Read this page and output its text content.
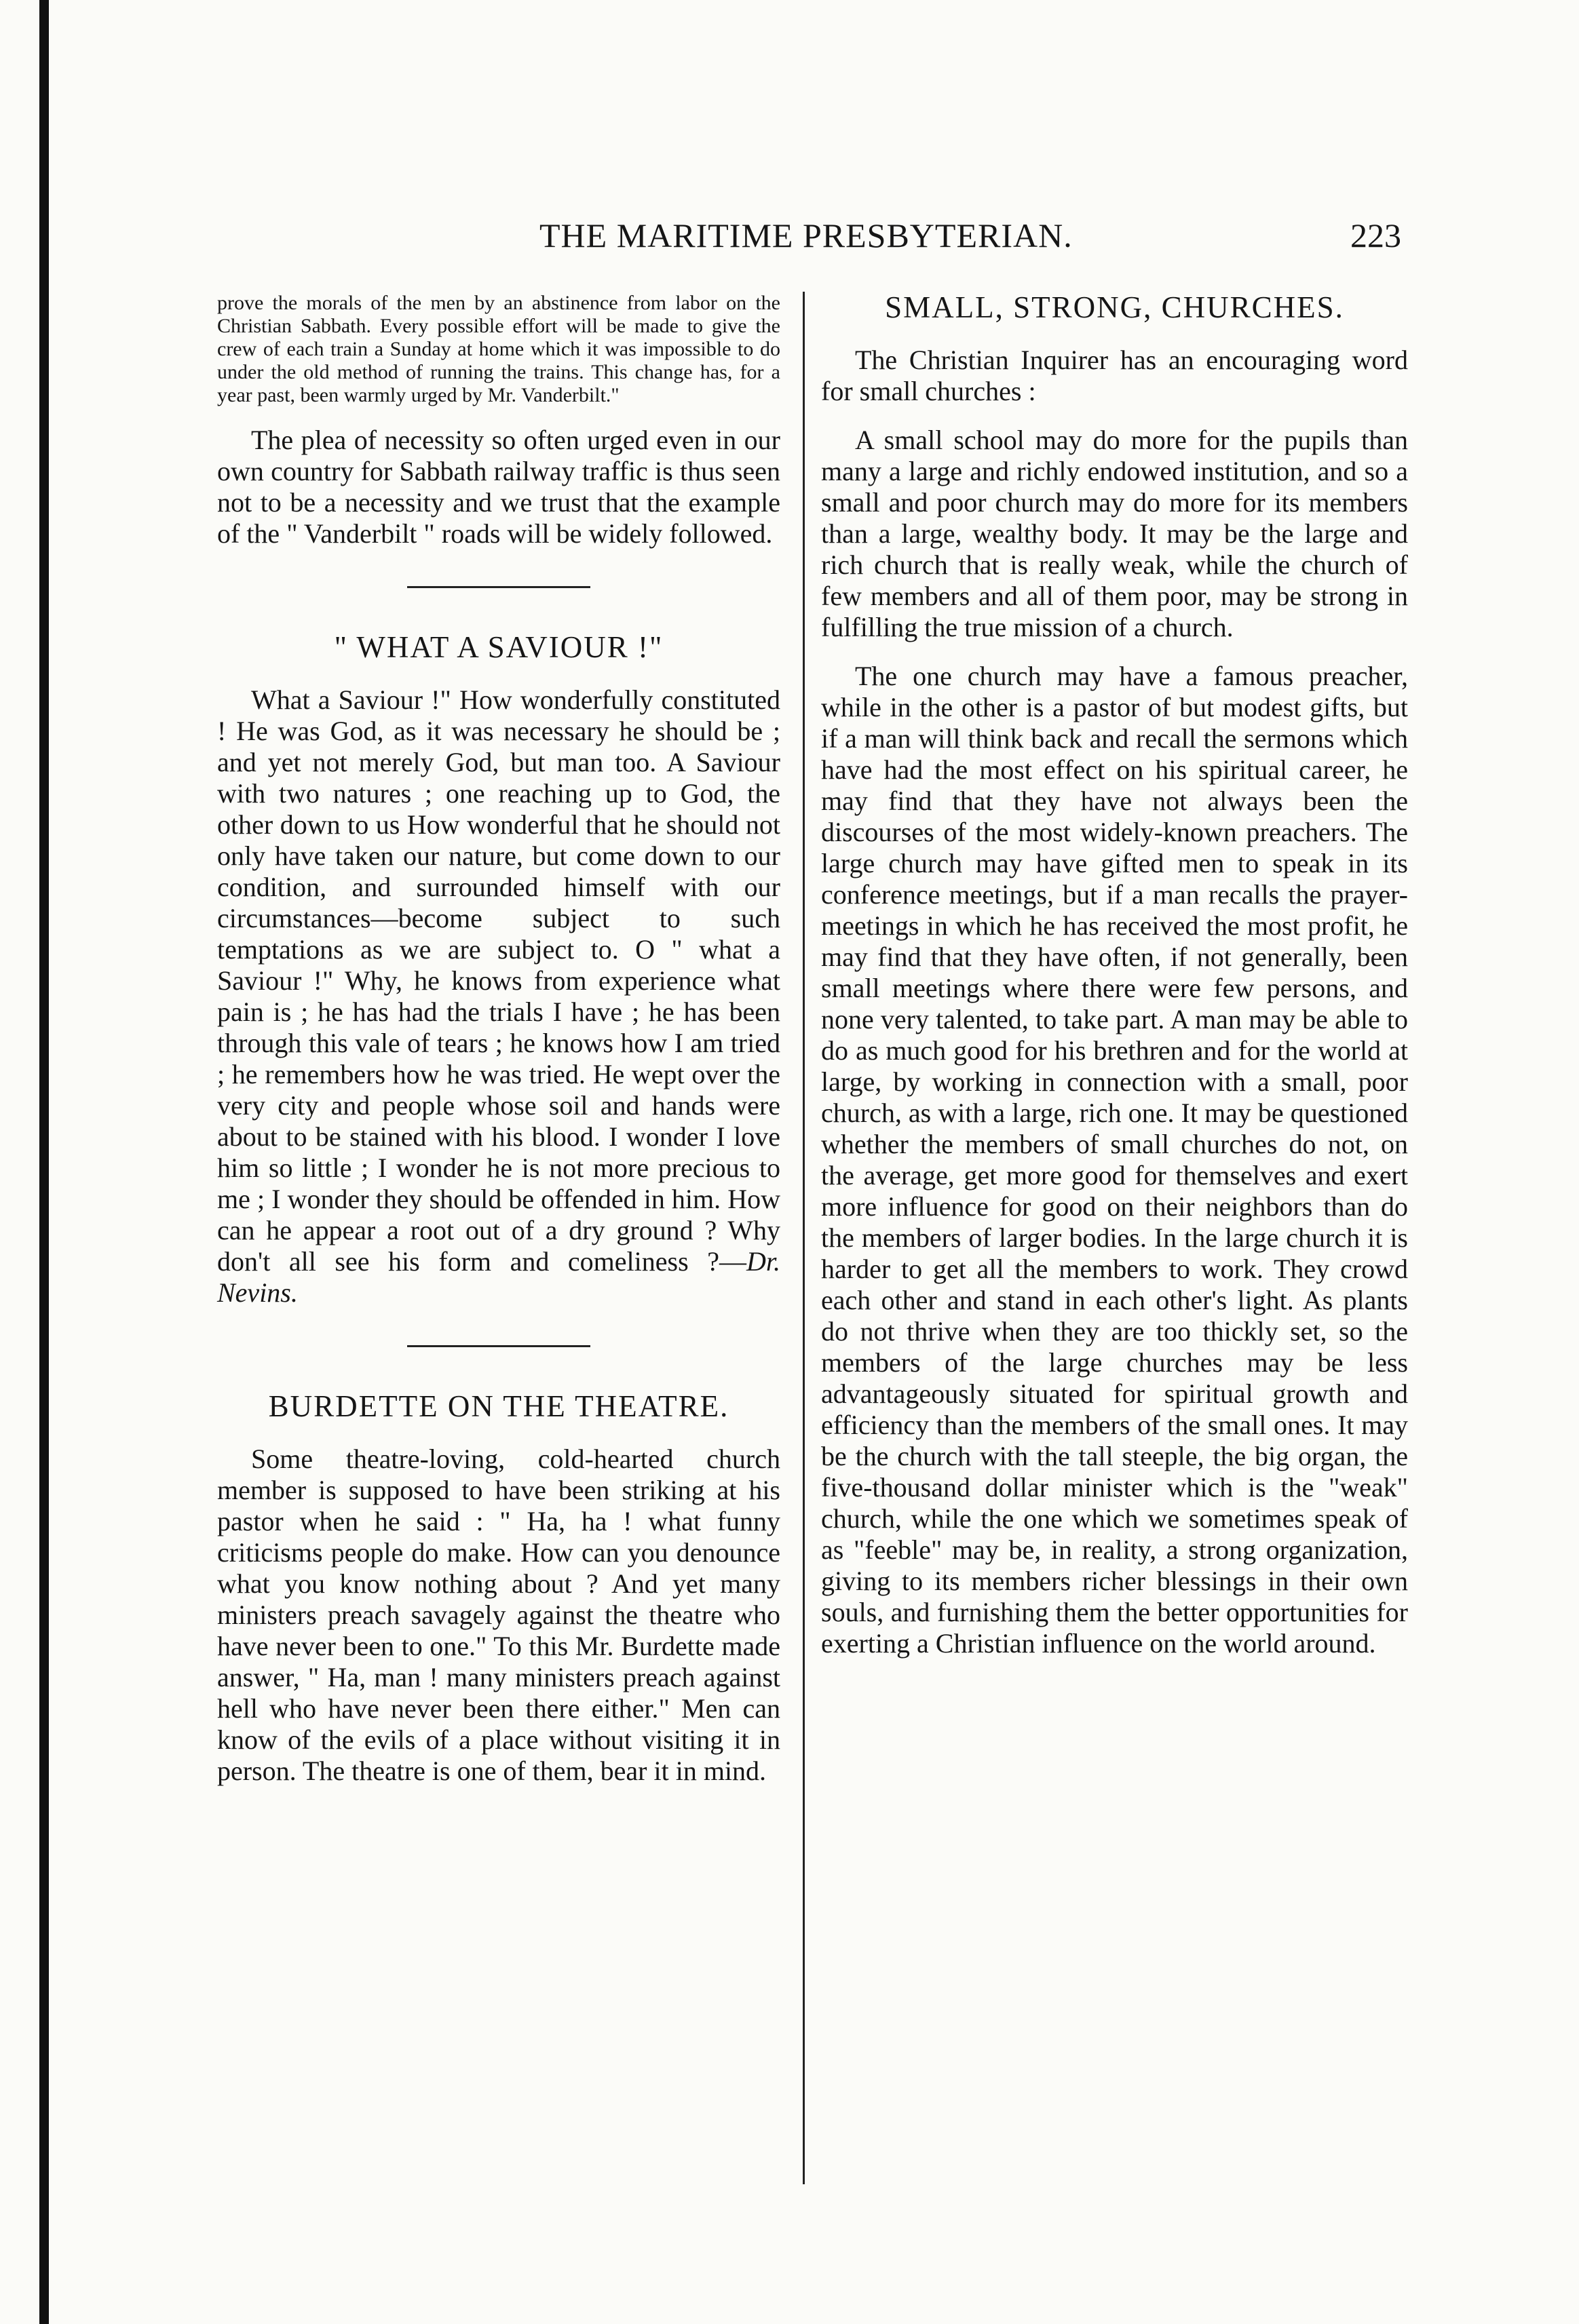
THE MARITIME PRESBYTERIAN.	223

prove the morals of the men by an abstinence from labor on the Christian Sabbath. Every possible effort will be made to give the crew of each train a Sunday at home which it was impossible to do under the old method of running the trains. This change has, for a year past, been warmly urged by Mr. Vanderbilt."

The plea of necessity so often urged even in our own country for Sabbath railway traffic is thus seen not to be a necessity and we trust that the example of the " Vanderbilt " roads will be widely followed.

" WHAT A SAVIOUR !"

What a Saviour !" How wonderfully constituted ! He was God, as it was necessary he should be ; and yet not merely God, but man too. A Saviour with two natures ; one reaching up to God, the other down to us How wonderful that he should not only have taken our nature, but come down to our condition, and surrounded himself with our circumstances—become subject to such temptations as we are subject to. O " what a Saviour !" Why, he knows from experience what pain is ; he has had the trials I have ; he has been through this vale of tears ; he knows how I am tried ; he remembers how he was tried. He wept over the very city and people whose soil and hands were about to be stained with his blood. I wonder I love him so little ; I wonder he is not more precious to me ; I wonder they should be offended in him. How can he appear a root out of a dry ground ? Why don't all see his form and comeliness ?—Dr. Nevins.

BURDETTE ON THE THEATRE.

Some theatre-loving, cold-hearted church member is supposed to have been striking at his pastor when he said : " Ha, ha ! what funny criticisms people do make. How can you denounce what you know nothing about ? And yet many ministers preach savagely against the theatre who have never been to one." To this Mr. Burdette made answer, " Ha, man ! many ministers preach against hell who have never been there either." Men can know of the evils of a place without visiting it in person. The theatre is one of them, bear it in mind.

SMALL, STRONG, CHURCHES.

The Christian Inquirer has an encouraging word for small churches :

A small school may do more for the pupils than many a large and richly endowed institution, and so a small and poor church may do more for its members than a large, wealthy body. It may be the large and rich church that is really weak, while the church of few members and all of them poor, may be strong in fulfilling the true mission of a church.

The one church may have a famous preacher, while in the other is a pastor of but modest gifts, but if a man will think back and recall the sermons which have had the most effect on his spiritual career, he may find that they have not always been the discourses of the most widely-known preachers. The large church may have gifted men to speak in its conference meetings, but if a man recalls the prayer-meetings in which he has received the most profit, he may find that they have often, if not generally, been small meetings where there were few persons, and none very talented, to take part. A man may be able to do as much good for his brethren and for the world at large, by working in connection with a small, poor church, as with a large, rich one. It may be questioned whether the members of small churches do not, on the average, get more good for themselves and exert more influence for good on their neighbors than do the members of larger bodies. In the large church it is harder to get all the members to work. They crowd each other and stand in each other's light. As plants do not thrive when they are too thickly set, so the members of the large churches may be less advantageously situated for spiritual growth and efficiency than the members of the small ones. It may be the church with the tall steeple, the big organ, the five-thousand dollar minister which is the "weak" church, while the one which we sometimes speak of as "feeble" may be, in reality, a strong organization, giving to its members richer blessings in their own souls, and furnishing them the better opportunities for exerting a Christian influence on the world around.
